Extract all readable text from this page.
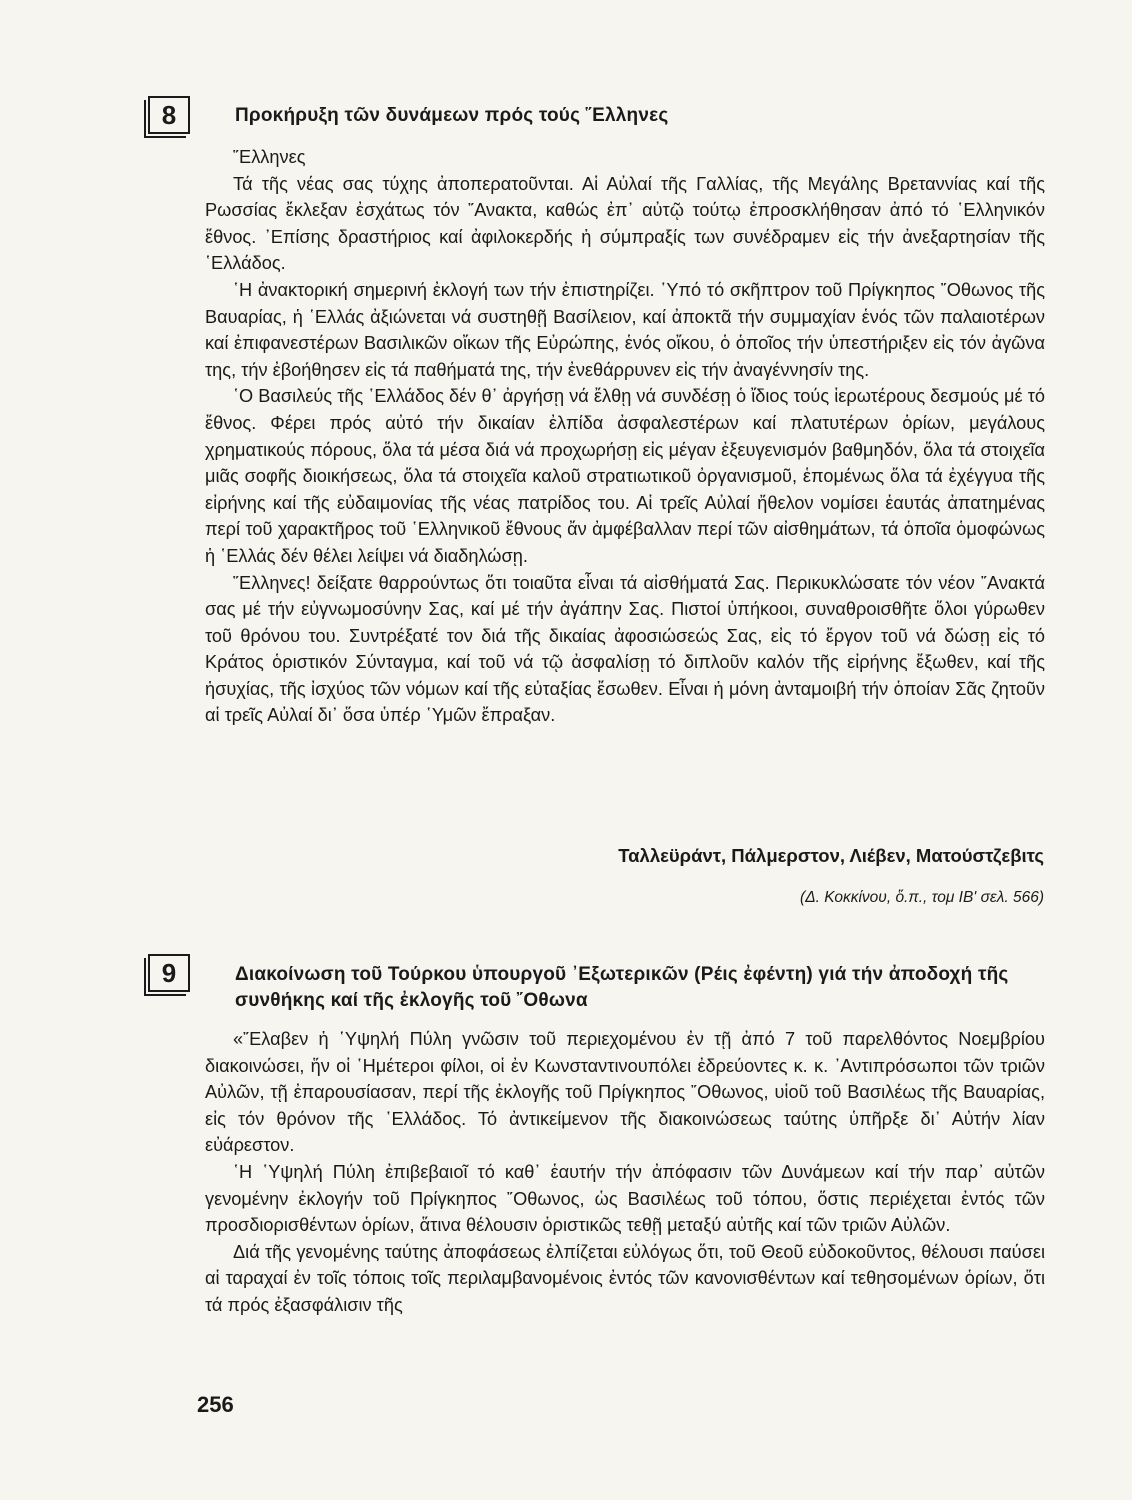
8	Προκήρυξη τῶν δυνάμεων πρός τούς ῞Ελληνες

῞Ελληνες

Τά τῆς νέας σας τύχης ἀποπερατοῦνται. Αἱ Αὐλαί τῆς Γαλλίας, τῆς Μεγάλης Βρεταννίας καί τῆς Ρωσσίας ἔκλεξαν ἐσχάτως τόν ῎Ανακτα, καθώς ἐπ᾿ αὐτῷ τούτῳ ἐπροσκλήθησαν ἀπό τό ῾Ελληνικόν ἔθνος. ᾿Επίσης δραστήριος καί ἀφιλοκερδής ἡ σύμπραξίς των συνέδραμεν εἰς τήν ἀνεξαρτησίαν τῆς ῾Ελλάδος.

῾Η ἀνακτορική σημερινή ἐκλογή των τήν ἐπιστηρίζει. ῾Υπό τό σκῆπτρον τοῦ Πρίγκηπος ῎Οθωνος τῆς Βαυαρίας, ἡ ῾Ελλάς ἀξιώνεται νά συστηθῇ Βασίλειον, καί ἀποκτᾶ τήν συμμαχίαν ἑνός τῶν παλαιοτέρων καί ἐπιφανεστέρων Βασιλικῶν οἴκων τῆς Εὐρώπης, ἑνός οἴκου, ὁ ὁποῖος τήν ὑπεστήριξεν εἰς τόν ἀγῶνα της, τήν ἐβοήθησεν εἰς τά παθήματά της, τήν ἐνεθάρρυνεν εἰς τήν ἀναγέννησίν της.

῾Ο Βασιλεύς τῆς ῾Ελλάδος δέν θ᾿ ἀργήσῃ νά ἔλθῃ νά συνδέσῃ ὁ ἴδιος τούς ἱερωτέρους δεσμούς μέ τό ἔθνος. Φέρει πρός αὐτό τήν δικαίαν ἐλπίδα ἀσφαλεστέρων καί πλατυτέρων ὁρίων, μεγάλους χρηματικούς πόρους, ὅλα τά μέσα διά νά προχωρήσῃ εἰς μέγαν ἐξευγενισμόν βαθμηδόν, ὅλα τά στοιχεῖα μιᾶς σοφῆς διοικήσεως, ὅλα τά στοιχεῖα καλοῦ στρατιωτικοῦ ὀργανισμοῦ, ἑπομένως ὅλα τά ἐχέγγυα τῆς εἰρήνης καί τῆς εὐδαιμονίας τῆς νέας πατρίδος του. Αἱ τρεῖς Αὐλαί ἤθελον νομίσει ἑαυτάς ἀπατημένας περί τοῦ χαρακτῆρος τοῦ ῾Ελληνικοῦ ἔθνους ἄν ἀμφέβαλλαν περί τῶν αἰσθημάτων, τά ὁποῖα ὁμοφώνως ἡ ῾Ελλάς δέν θέλει λείψει νά διαδηλώσῃ.

῞Ελληνες! δείξατε θαρρούντως ὅτι τοιαῦτα εἶναι τά αἰσθήματά Σας. Περικυκλώσατε τόν νέον ῎Ανακτά σας μέ τήν εὐγνωμοσύνην Σας, καί μέ τήν ἀγάπην Σας. Πιστοί ὑπήκοοι, συναθροισθῆτε ὅλοι γύρωθεν τοῦ θρόνου του. Συντρέξατέ τον διά τῆς δικαίας ἀφοσιώσεώς Σας, εἰς τό ἔργον τοῦ νά δώσῃ εἰς τό Κράτος ὁριστικόν Σύνταγμα, καί τοῦ νά τῷ ἀσφαλίσῃ τό διπλοῦν καλόν τῆς εἰρήνης ἔξωθεν, καί τῆς ἡσυχίας, τῆς ἰσχύος τῶν νόμων καί τῆς εὐταξίας ἔσωθεν. Εἶναι ἡ μόνη ἀνταμοιβή τήν ὁποίαν Σᾶς ζητοῦν αἱ τρεῖς Αὐλαί δι᾿ ὅσα ὑπέρ ῾Υμῶν ἔπραξαν.

Ταλλεϋράντ, Πάλμερστον, Λιέβεν, Ματούστζεβιτς
(Δ. Κοκκίνου, ὅ.π., τομ ΙΒ' σελ. 566)
9	Διακοίνωση τοῦ Τούρκου ὑπουργοῦ ᾿Εξωτερικῶν (Ρέις ἐφέντη) γιά τήν ἀποδοχή τῆς συνθήκης καί τῆς ἐκλογῆς τοῦ ῎Οθωνα

«῎Ελαβεν ἡ ῾Υψηλή Πύλη γνῶσιν τοῦ περιεχομένου ἐν τῇ ἀπό 7 τοῦ παρελθόντος Νοεμβρίου διακοινώσει, ἥν οἱ ῾Ημέτεροι φίλοι, οἱ ἐν Κωνσταντινουπόλει ἐδρεύοντες κ. κ. ᾿Αντιπρόσωποι τῶν τριῶν Αὐλῶν, τῇ ἐπαρουσίασαν, περί τῆς ἐκλογῆς τοῦ Πρίγκηπος ῎Οθωνος, υἱοῦ τοῦ Βασιλέως τῆς Βαυαρίας, εἰς τόν θρόνον τῆς ῾Ελλάδος. Τό ἀντικείμενον τῆς διακοινώσεως ταύτης ὑπῆρξε δι᾿ Αὐτήν λίαν εὐάρεστον.

῾Η ῾Υψηλή Πύλη ἐπιβεβαιοῖ τό καθ᾿ ἑαυτήν τήν ἀπόφασιν τῶν Δυνάμεων καί τήν παρ᾿ αὐτῶν γενομένην ἐκλογήν τοῦ Πρίγκηπος ῎Οθωνος, ὡς Βασιλέως τοῦ τόπου, ὅστις περιέχεται ἐντός τῶν προσδιορισθέντων ὁρίων, ἅτινα θέλουσιν ὁριστικῶς τεθῇ μεταξύ αὐτῆς καί τῶν τριῶν Αὐλῶν.

Διά τῆς γενομένης ταύτης ἀποφάσεως ἐλπίζεται εὐλόγως ὅτι, τοῦ Θεοῦ εὐδοκοῦντος, θέλουσι παύσει αἱ ταραχαί ἐν τοῖς τόποις τοῖς περιλαμβανομένοις ἐντός τῶν κανονισθέντων καί τεθησομένων ὁρίων, ὅτι τά πρός ἐξασφάλισιν τῆς

256
